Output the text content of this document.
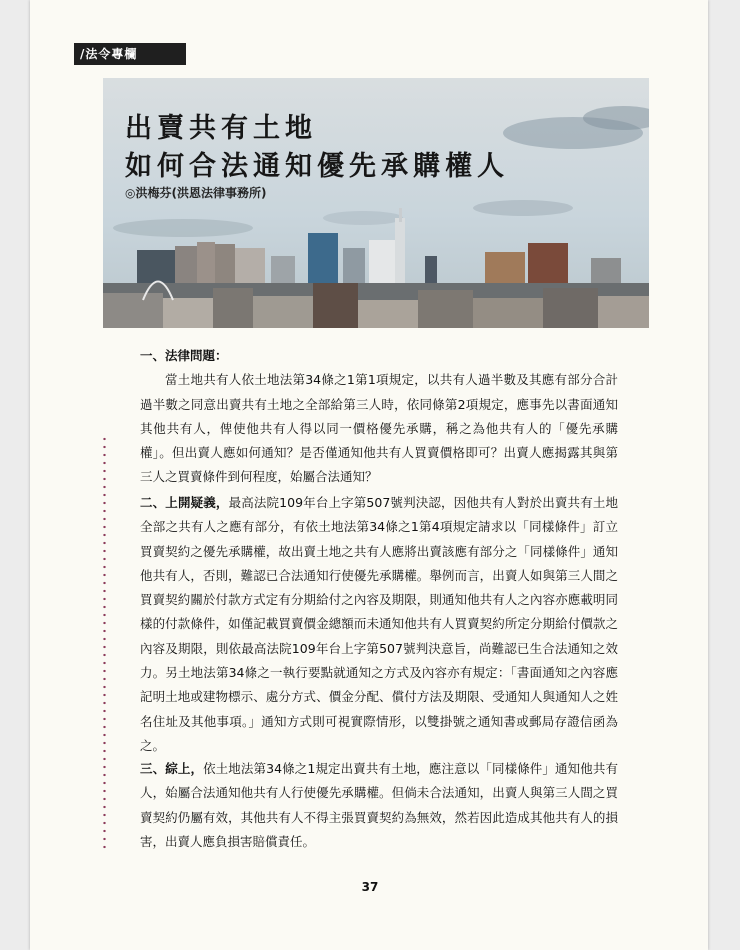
/法令專欄
出賣共有土地
如何合法通知優先承購權人
◎洪梅芬(洪恩法律事務所)

一、法律問題：

當土地共有人依土地法第34條之1第1項規定，以共有人過半數及其應有部分合計過半數之同意出賣共有土地之全部給第三人時，依同條第2項規定，應事先以書面通知其他共有人，俾使他共有人得以同一價格優先承購，稱之為他共有人的「優先承購權」。但出賣人應如何通知？是否僅通知他共有人買賣價格即可？出賣人應揭露其與第三人之買賣條件到何程度，始屬合法通知？

二、上開疑義，最高法院109年台上字第507號判決認，因他共有人對於出賣共有土地全部之共有人之應有部分，有依土地法第34條之1第4項規定請求以「同樣條件」訂立買賣契約之優先承購權，故出賣土地之共有人應將出賣該應有部分之「同樣條件」通知他共有人，否則，難認已合法通知行使優先承購權。舉例而言，出賣人如與第三人間之買賣契約關於付款方式定有分期給付之內容及期限，則通知他共有人之內容亦應載明同樣的付款條件，如僅記載買賣價金總額而未通知他共有人買賣契約所定分期給付價款之內容及期限，則依最高法院109年台上字第507號判決意旨，尚難認已生合法通知之效力。另土地法第34條之一執行要點就通知之方式及內容亦有規定：「書面通知之內容應記明土地或建物標示、處分方式、價金分配、償付方法及期限、受通知人與通知人之姓名住址及其他事項。」通知方式則可視實際情形，以雙掛號之通知書或郵局存證信函為之。

三、綜上，依土地法第34條之1規定出賣共有土地，應注意以「同樣條件」通知他共有人，始屬合法通知他共有人行使優先承購權。但倘未合法通知，出賣人與第三人間之買賣契約仍屬有效，其他共有人不得主張買賣契約為無效，然若因此造成其他共有人的損害，出賣人應負損害賠償責任。

37
